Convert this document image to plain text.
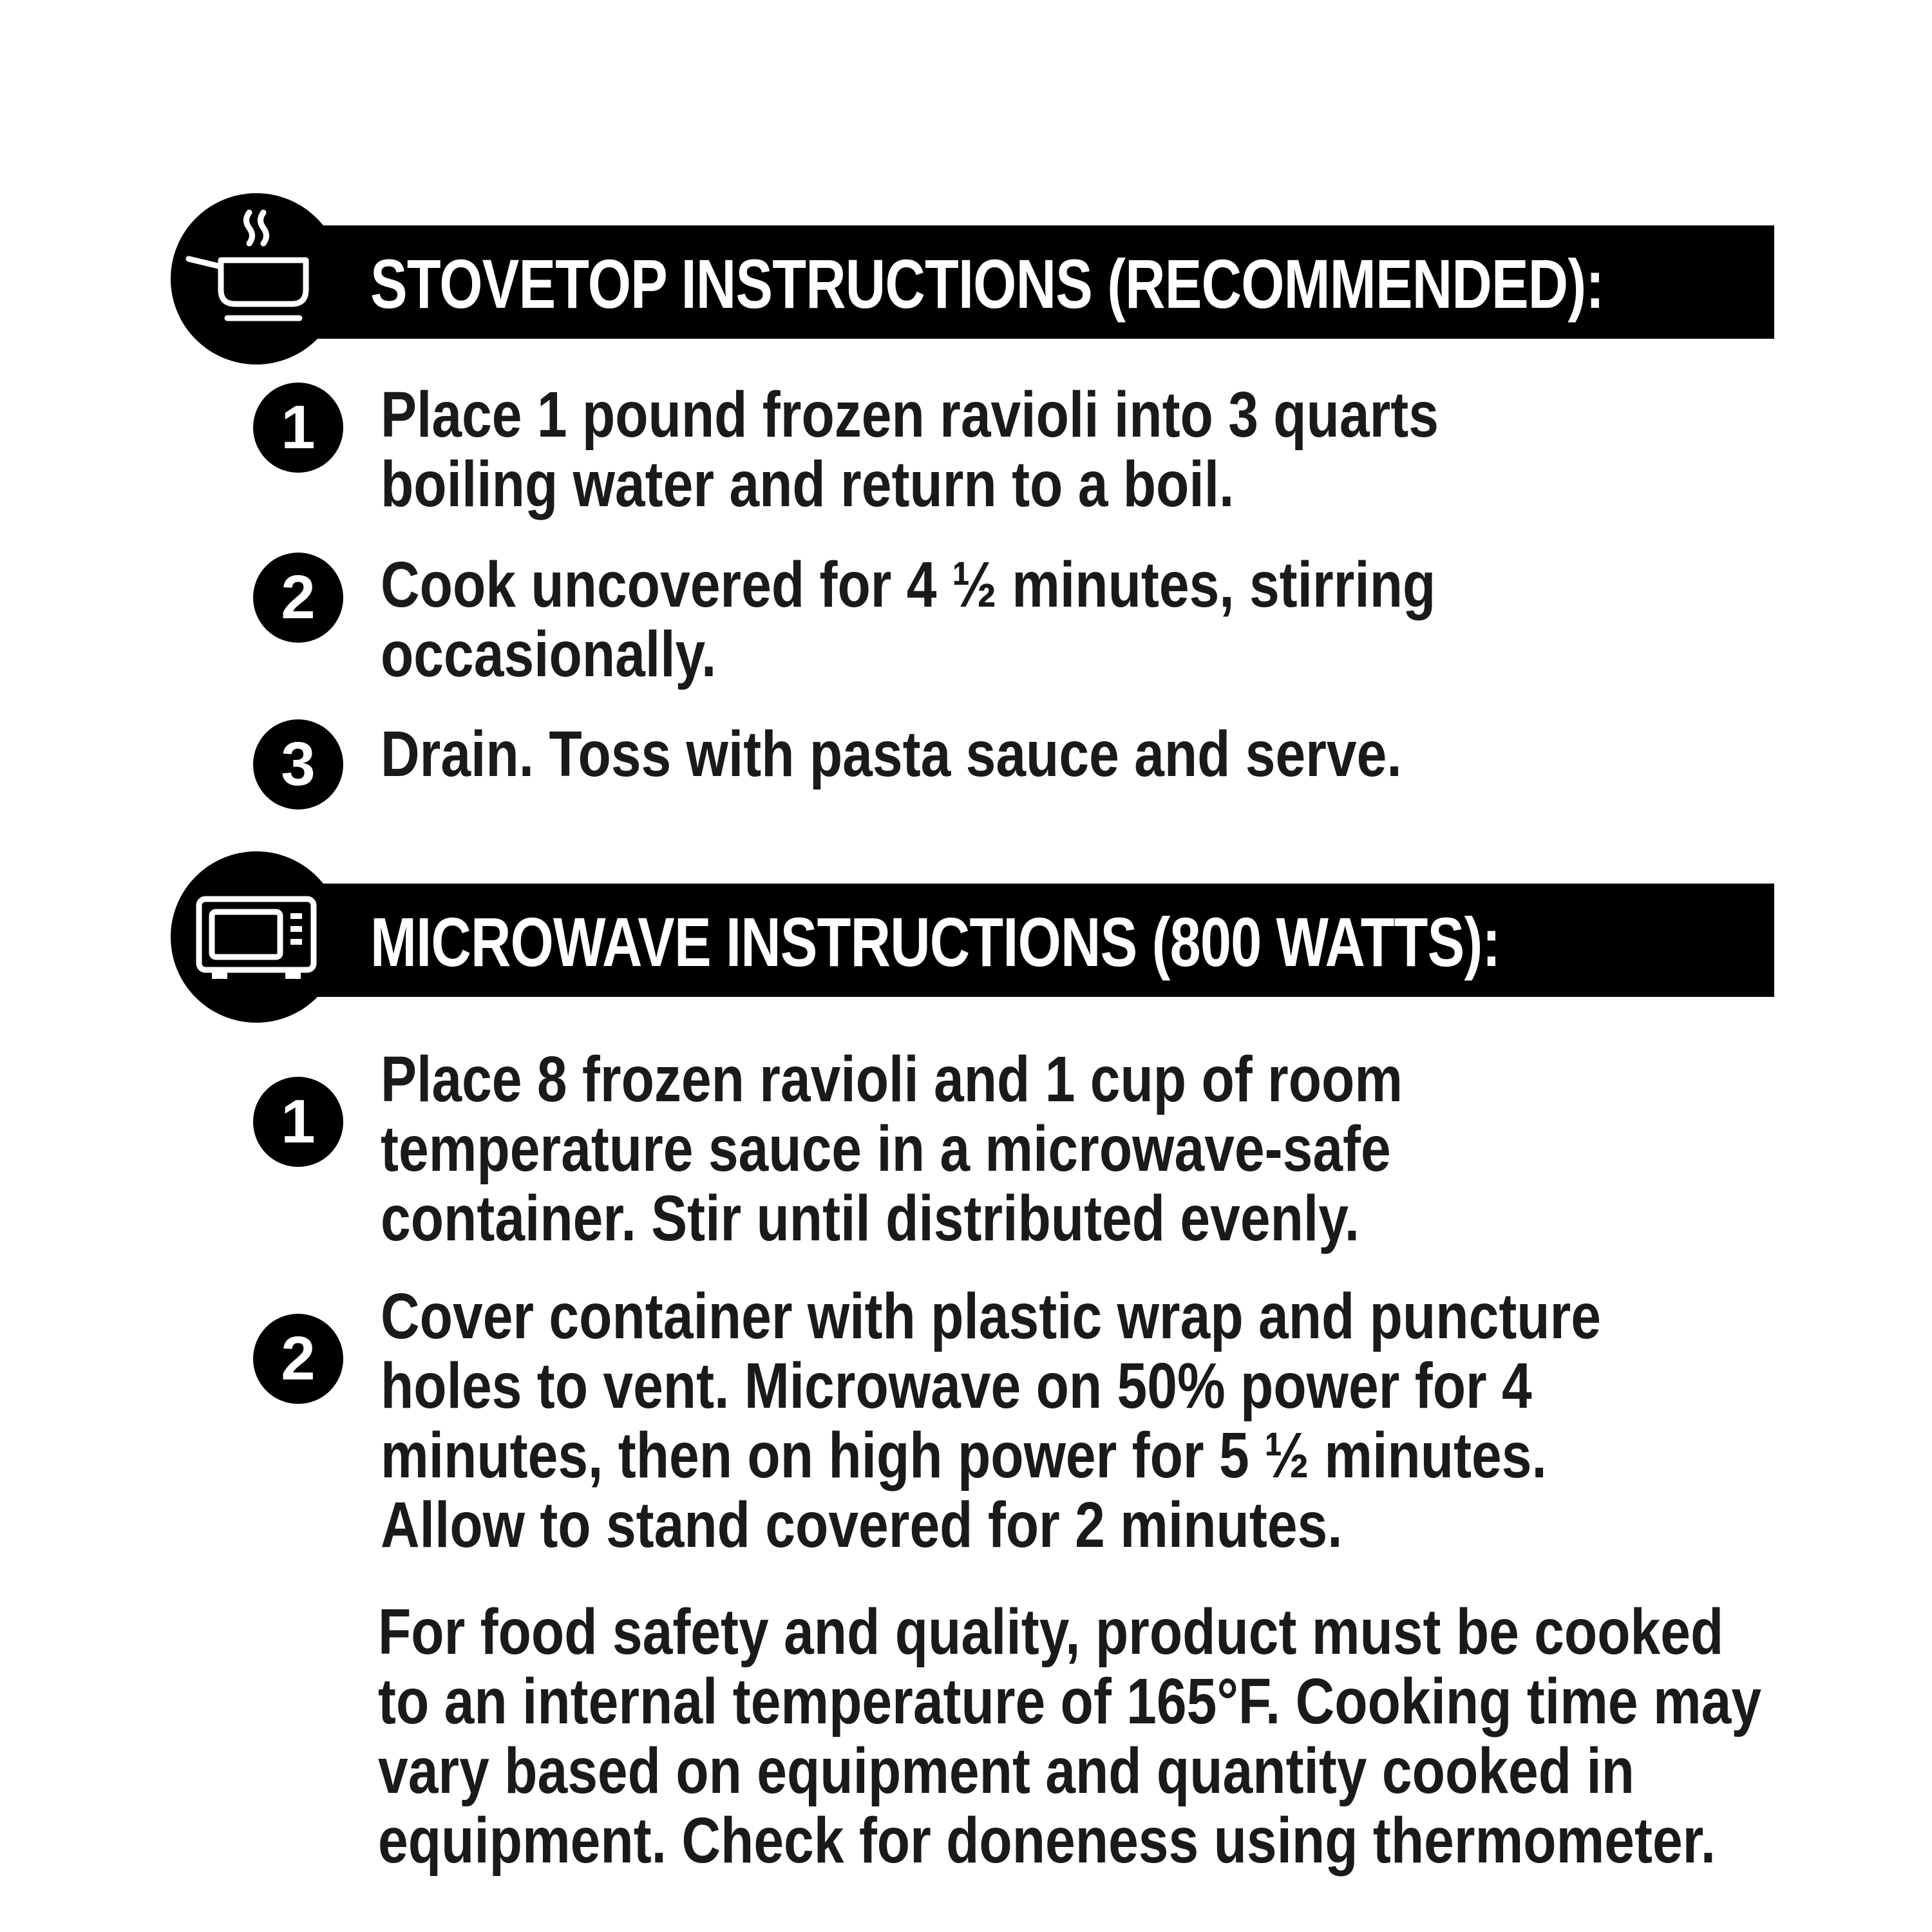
STOVETOP INSTRUCTIONS (RECOMMENDED):
1	Place 1 pound frozen ravioli into 3 quarts boiling water and return to a boil.

2	Cook uncovered for 4 ½ minutes, stirring occasionally.

3	Drain. Toss with pasta sauce and serve.

MICROWAVE INSTRUCTIONS (800 WATTS):
1

Place 8 frozen ravioli and 1 cup of room temperature sauce in a microwave-safe container. Stir until distributed evenly.

2

Cover container with plastic wrap and puncture holes to vent. Microwave on 50% power for 4 minutes, then on high power for 5 ½ minutes. Allow to stand covered for 2 minutes.

For food safety and quality, product must be cooked to an internal temperature of 165°F. Cooking time may vary based on equipment and quantity cooked in equipment. Check for doneness using thermometer.
